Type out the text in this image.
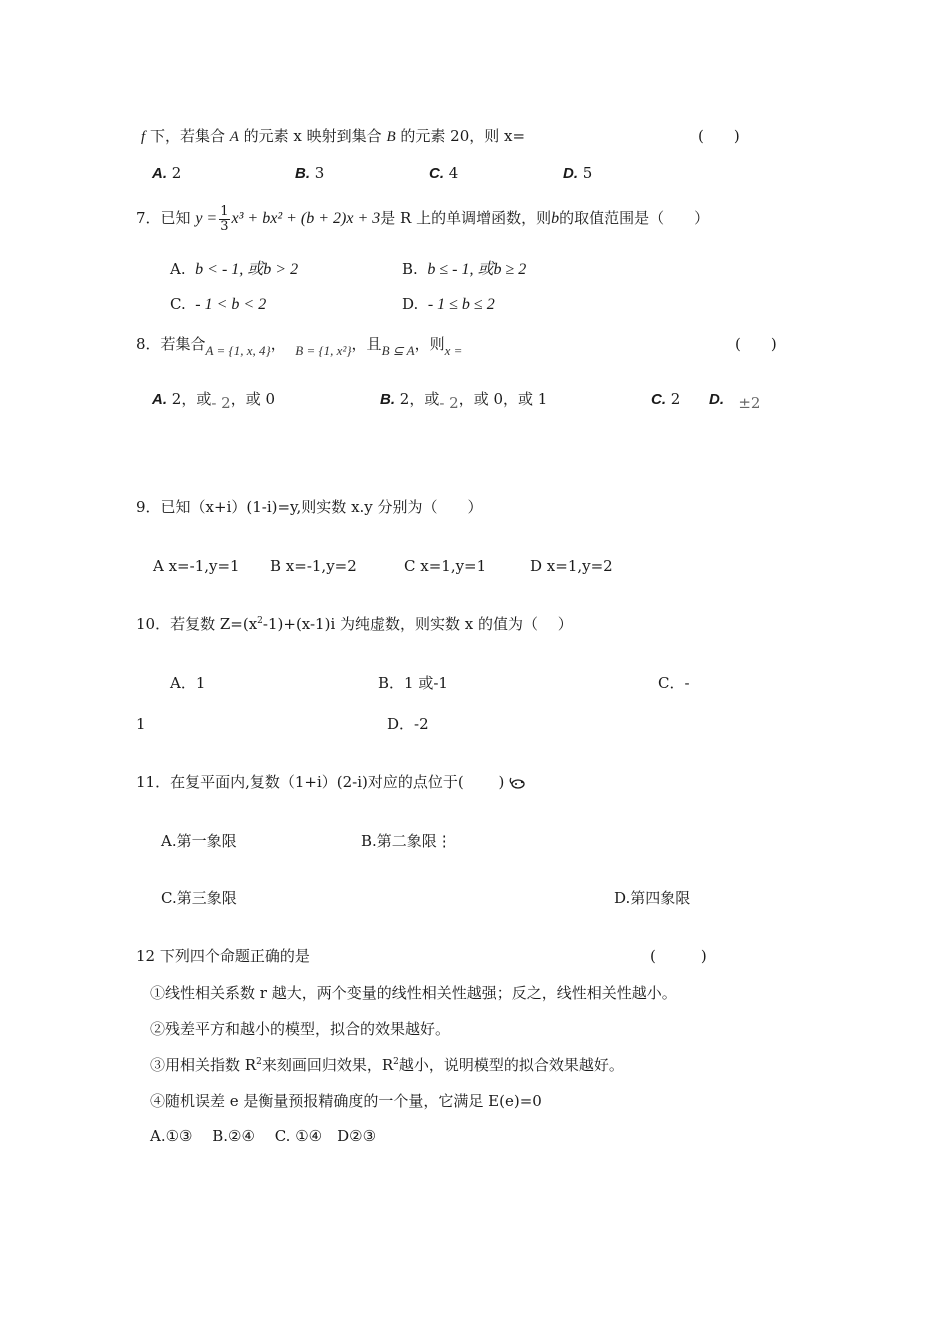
f 下，若集合 A 的元素 x 映射到集合 B 的元素 20，则 x=	(　　)
A. 2	B. 3	C. 4	D. 5
7．已知 $y = \frac{1}{3} x^3 + bx^2 + (b + 2)x + 3$是 R 上的单调增函数，则b的取值范围是（　　）
A. b < - 1, 或b > 2	B. b ≤ - 1, 或b ≥ 2
C. - 1 < b < 2	D. - 1 ≤ b ≤ 2
8．若集合A = {1, x, 4}， B = {1, x²}，且B ⊆ A，则x =	(　　)
A. 2，或- 2，或 0	B. 2，或- 2，或 0，或 1	C. 2 D. ±2
9．已知（x+i）(1-i)=y,则实数 x.y 分别为（　　）
A x=-1,y=1 B x=-1,y=2	C x=1,y=1	D x=1,y=2
10．若复数 $Z=(x^2-1)+(x-1)i$ 为纯虚数，则实数 x 的值为（　 ）
A．1	B．1 或-1	C．-
1	D．-2
11．在复平面内,复数（1+i）(2-i)对应的点位于(　　 )
A.第一象限	B.第二象限⋮
C.第三象限	D.第四象限
12 下列四个命题正确的是	(　　　)
①线性相关系数 r 越大，两个变量的线性相关性越强；反之，线性相关性越小。
②残差平方和越小的模型，拟合的效果越好。
③用相关指数 $R^2$来刻画回归效果，$R^2$越小，说明模型的拟合效果越好。
④随机误差 e 是衡量预报精确度的一个量，它满足 E(e)=0
A.①③　 B.②④　 C. ①④　D②③
